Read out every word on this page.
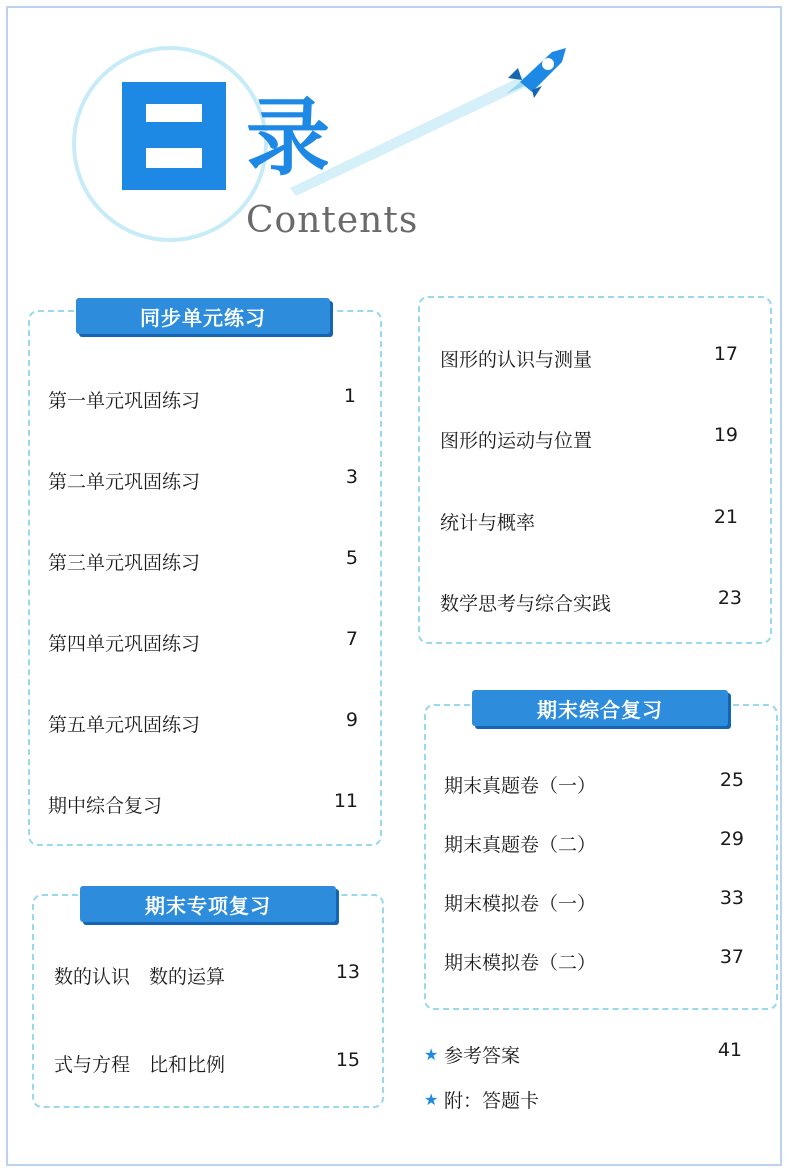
录
Contents
同步单元练习
第一单元巩固练习	1
第二单元巩固练习	3
第三单元巩固练习	5
第四单元巩固练习	7
第五单元巩固练习	9
期中综合复习	11
期末专项复习
数的认识　数的运算	13
式与方程　比和比例	15
图形的认识与测量	17
图形的运动与位置	19
统计与概率	21
数学思考与综合实践	23
期末综合复习
期末真题卷（一）	25
期末真题卷（二）	29
期末模拟卷（一）	33
期末模拟卷（二）	37
★ 参考答案	41
★ 附：答题卡
